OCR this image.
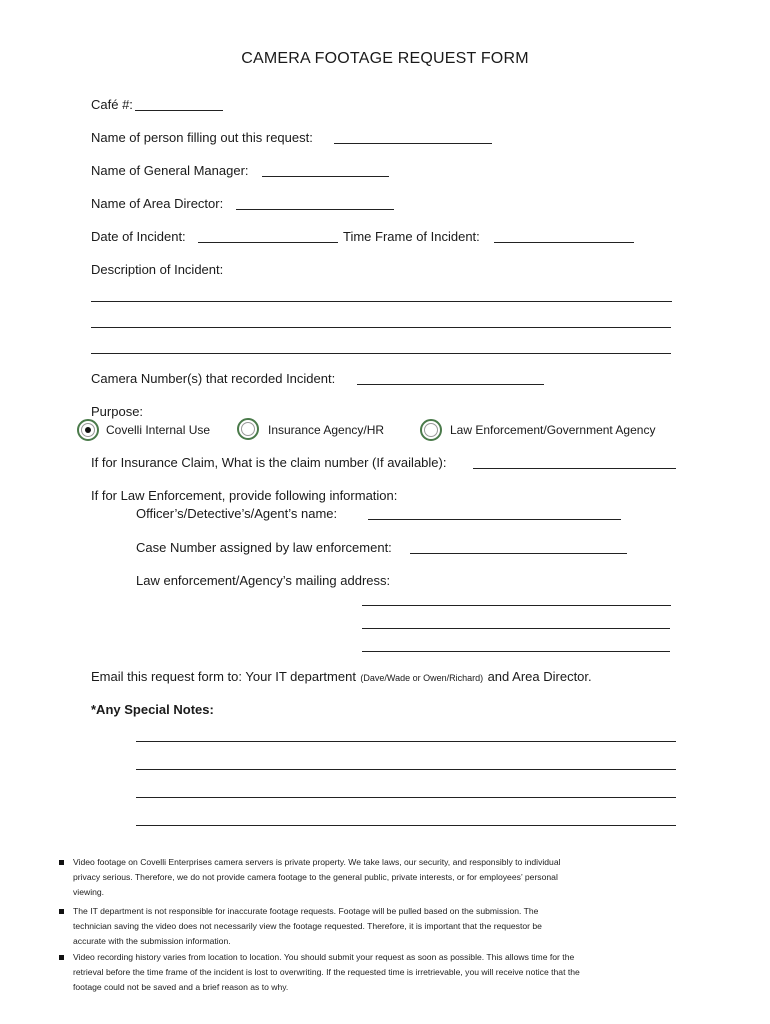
CAMERA FOOTAGE REQUEST FORM
Café #:
Name of person filling out this request:
Name of General Manager:
Name of Area Director:
Date of Incident:	Time Frame of Incident:
Description of Incident:
Camera Number(s) that recorded Incident:
Purpose:
Covelli Internal Use	Insurance Agency/HR	Law Enforcement/Government Agency
If for Insurance Claim, What is the claim number (If available):
If for Law Enforcement, provide following information:
Officer’s/Detective’s/Agent’s name:
Case Number assigned by law enforcement:
Law enforcement/Agency’s mailing address:
Email this request form to: Your IT department (Dave/Wade or Owen/Richard) and Area Director.
*Any Special Notes:
Video footage on Covelli Enterprises camera servers is private property. We take laws, our security, and responsibly to individual
privacy serious. Therefore, we do not provide camera footage to the general public, private interests, or for employees’ personal
viewing.
The IT department is not responsible for inaccurate footage requests. Footage will be pulled based on the submission. The
technician saving the video does not necessarily view the footage requested. Therefore, it is important that the requestor be
accurate with the submission information.
Video recording history varies from location to location. You should submit your request as soon as possible. This allows time for the
retrieval before the time frame of the incident is lost to overwriting. If the requested time is irretrievable, you will receive notice that the
footage could not be saved and a brief reason as to why.
